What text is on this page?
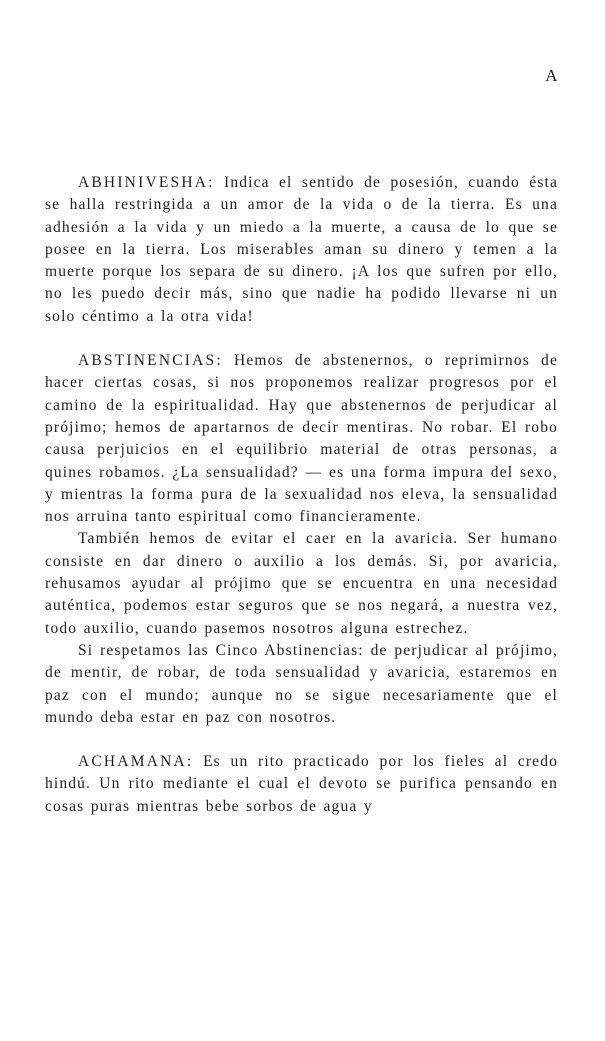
A

ABHINIVESHA: Indica el sentido de posesión, cuando ésta se halla restringida a un amor de la vida o de la tierra. Es una adhesión a la vida y un miedo a la muerte, a causa de lo que se posee en la tierra. Los miserables aman su dinero y temen a la muerte porque los separa de su dinero. ¡A los que sufren por ello, no les puedo decir más, sino que nadie ha podido llevarse ni un solo céntimo a la otra vida!

ABSTINENCIAS: Hemos de abstenernos, o reprimirnos de hacer ciertas cosas, si nos proponemos realizar progresos por el camino de la espiritualidad. Hay que abstenernos de perjudicar al prójimo; hemos de apartarnos de decir mentiras. No robar. El robo causa perjuicios en el equilibrio material de otras personas, a quines robamos. ¿La sensualidad? — es una forma impura del sexo, y mientras la forma pura de la sexualidad nos eleva, la sensualidad nos arruina tanto espiritual como financieramente.

También hemos de evitar el caer en la avaricia. Ser humano consiste en dar dinero o auxilio a los demás. Si, por avaricia, rehusamos ayudar al prójimo que se encuentra en una necesidad auténtica, podemos estar seguros que se nos negará, a nuestra vez, todo auxilio, cuando pasemos nosotros alguna estrechez.

Si respetamos las Cinco Abstinencias: de perjudicar al prójimo, de mentir, de robar, de toda sensualidad y avaricia, estaremos en paz con el mundo; aunque no se sigue necesariamente que el mundo deba estar en paz con nosotros.

ACHAMANA: Es un rito practicado por los fieles al credo hindú. Un rito mediante el cual el devoto se purifica pensando en cosas puras mientras bebe sorbos de agua y
